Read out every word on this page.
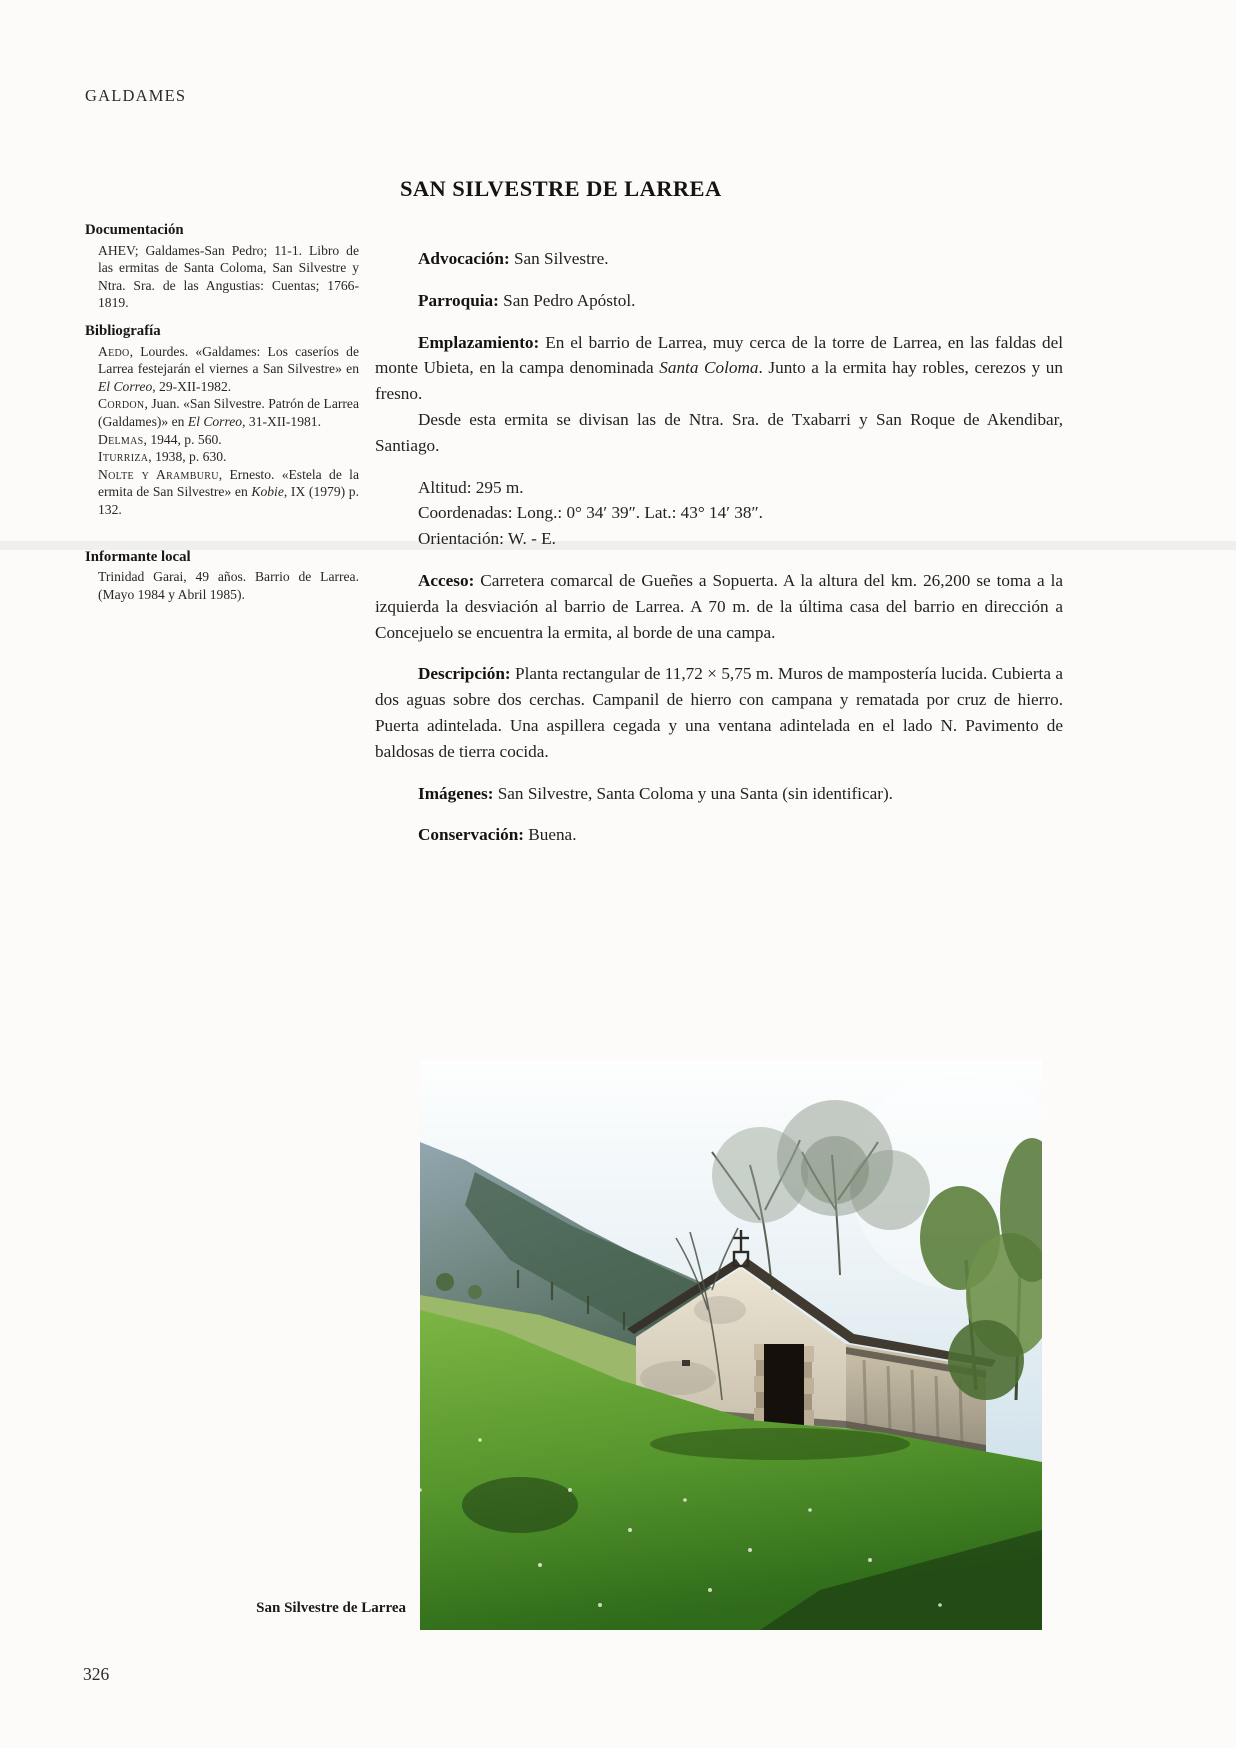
GALDAMES
SAN SILVESTRE DE LARREA
Documentación
AHEV; Galdames-San Pedro; 11-1. Libro de las ermitas de Santa Coloma, San Silvestre y Ntra. Sra. de las Angustias: Cuentas; 1766-1819.
Bibliografía
Aedo, Lourdes. «Galdames: Los caseríos de Larrea festejarán el viernes a San Silvestre» en El Correo, 29-XII-1982.
Cordon, Juan. «San Silvestre. Patrón de Larrea (Galdames)» en El Correo, 31-XII-1981.
Delmas, 1944, p. 560.
Iturriza, 1938, p. 630.
Nolte y Aramburu, Ernesto. «Estela de la ermita de San Silvestre» en Kobie, IX (1979) p. 132.
Informante local
Trinidad Garai, 49 años. Barrio de Larrea. (Mayo 1984 y Abril 1985).

Advocación: San Silvestre.

Parroquia: San Pedro Apóstol.

Emplazamiento: En el barrio de Larrea, muy cerca de la torre de Larrea, en las faldas del monte Ubieta, en la campa denominada Santa Coloma. Junto a la ermita hay robles, cerezos y un fresno.

Desde esta ermita se divisan las de Ntra. Sra. de Txabarri y San Roque de Akendibar, Santiago.

Altitud: 295 m.
Coordenadas: Long.: 0° 34′ 39″. Lat.: 43° 14′ 38″.
Orientación: W. - E.

Acceso: Carretera comarcal de Gueñes a Sopuerta. A la altura del km. 26,200 se toma a la izquierda la desviación al barrio de Larrea. A 70 m. de la última casa del barrio en dirección a Concejuelo se encuentra la ermita, al borde de una campa.

Descripción: Planta rectangular de 11,72 × 5,75 m. Muros de mampostería lucida. Cubierta a dos aguas sobre dos cerchas. Campanil de hierro con campana y rematada por cruz de hierro. Puerta adintelada. Una aspillera cegada y una ventana adintelada en el lado N. Pavimento de baldosas de tierra cocida.

Imágenes: San Silvestre, Santa Coloma y una Santa (sin identificar).

Conservación: Buena.

San Silvestre de Larrea
326
